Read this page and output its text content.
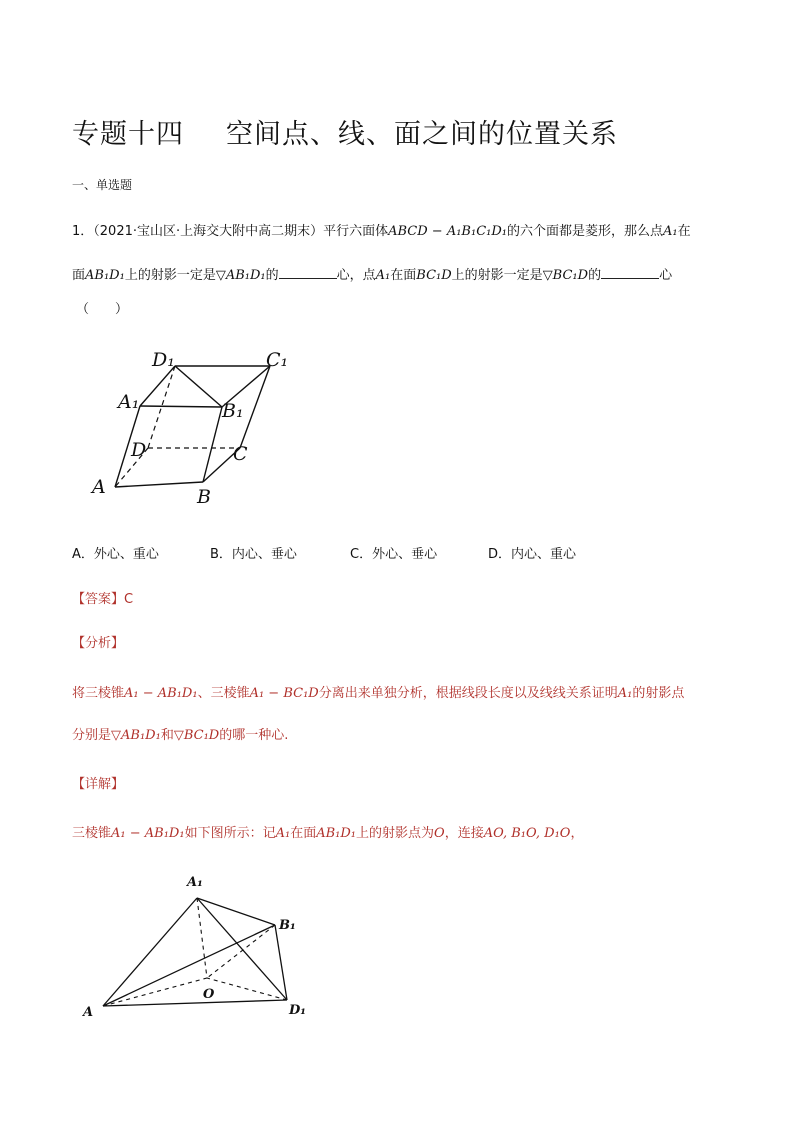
专题十四 空间点、线、面之间的位置关系
一、单选题
1．（2021·宝山区·上海交大附中高二期末）平行六面体ABCD − A₁B₁C₁D₁的六个面都是菱形，那么点A₁在
面AB₁D₁上的射影一定是▽AB₁D₁的	心，点A₁在面BC₁D上的射影一定是▽BC₁D的	心
（　　）
D₁	C₁
A₁	B₁
D	C
A	B
A．外心、重心	B．内心、垂心	C．外心、垂心	D．内心、重心
【答案】C
【分析】
将三棱锥A₁ − AB₁D₁、三棱锥A₁ − BC₁D分离出来单独分析，根据线段长度以及线线关系证明A₁的射影点
分别是▽AB₁D₁和▽BC₁D的哪一种心.
【详解】
三棱锥A₁ − AB₁D₁如下图所示：记A₁在面AB₁D₁上的射影点为O，连接AO, B₁O, D₁O，
A₁
B₁
O
A	D₁
